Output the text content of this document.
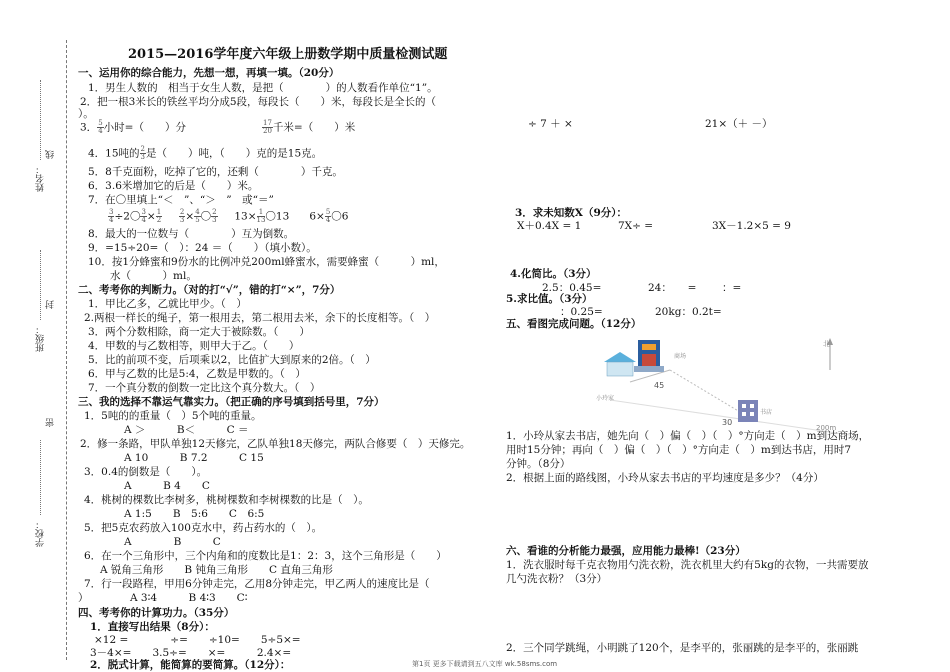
姓名：
线
班级：
封
密
学校：
2015—2016学年度六年级上册数学期中质量检测试题
一、运用你的综合能力，先想一想，再填一填。（20分）
1．男生人数的　相当于女生人数，是把（　　　　）的人数看作单位“1”。
2．把一根3米长的铁丝平均分成5段，每段长（　　）米，每段长是全长的（　　
）。
3． $\frac{5}{4}$ 小时=（　　）分	$\frac{17}{20}$ 千米=（　　）米
4．15吨的 $\frac{2}{3}$ 是（　　）吨，（　　）克的是15克。
5．8千克面粉，吃掉了它的，还剩（　　　　）千克。
6．3.6米增加它的后是（　　）米。
7．在〇里填上“＜　”、“＞　”　或“＝”
$\frac{3}{4} \div 2$〇 $\frac{3}{4} \times \frac{1}{2}$
$\frac{2}{3} \times \frac{4}{5}$ 〇 $\frac{2}{3} 13\times \frac{1}{13}$ 〇13 $6\times \frac{5}{4}$ 〇6
8．最大的一位数与（　　　　）互为倒数。
9．=15÷20=（　）：24 ＝（　　）（填小数）。
10．按1分蜂蜜和9份水的比例冲兑200ml蜂蜜水，需要蜂蜜（　　　）ml，
水（　　　）ml。
二、考考你的判断力。（对的打“√”，错的打“×”，7分）
1．甲比乙多，乙就比甲少。（　）
2.两根一样长的绳子，第一根用去，第二根用去米，余下的长度相等。（　）
3．两个分数相除，商一定大于被除数。（　　）
4．甲数的与乙数相等，则甲大于乙。（　　）
5．比的前项不变，后项乘以2，比值扩大到原来的2倍。（　）
6．甲与乙数的比是5:4，乙数是甲数的。（　）
7．一个真分数的倒数一定比这个真分数大。（　）
三、我的选择不靠运气靠实力。（把正确的序号填到括号里，7分）
1．5吨的的重量（　）5个吨的重量。
A ＞　　　B＜　　　C ＝
2．修一条路，甲队单独12天修完，乙队单独18天修完，两队合修要（　）天修完。
A 10　　　B 7.2　　　C 15
3．0.4的倒数是（　　）。
A　　　B 4　　C
4．桃树的棵数比李树多，桃树棵数和李树棵数的比是（　）。
A 1:5　　B　5:6　　C　6:5
5．把5克农药放入100克水中，药占药水的（　）。
A　　　　B　　　C
6．在一个三角形中，三个内角和的度数比是1：2：3，这个三角形是（　　）
A 锐角三角形　　B 钝角三角形　　C 直角三角形
7．行一段路程，甲用6分钟走完，乙用8分钟走完，甲乙两人的速度比是（　　
）	A 3∶4　　　B 4∶3　　C∶
四、考考你的计算功力。（35分）
1．直接写出结果（8分）：
×12 =　　　　÷=　　÷10=　　5÷5×=
3－4×=　　3.5÷=　　×=　　　2.4×=
2．脱式计算，能简算的要简算。（12分）：
÷ 7 ＋ ×	21×（＋ －）
3．求未知数X（9分）：
X＋0.4X = 1	7X÷ =	3X－1.2×5 = 9
4.化简比。（3分）
2.5：0.45=	24：　　= ：=
5.求比值。（3分）
：0.25=	20kg：0.2t=
五、看图完成问题。（12分）
商场
小玲家
书店
北
45
30
200m
1．小玲从家去书店，她先向（　）偏（　）（　）°方向走（　）m到达商场，
用时15分钟；再向（　）偏（　）（　）°方向走（　）m到达书店，用时7
分钟。（8分）
2．根据上面的路线图，小玲从家去书店的平均速度是多少？（4分）
六、看谁的分析能力最强，应用能力最棒!（23分）
1．洗衣服时每千克衣物用勺洗衣粉，洗衣机里大约有5kg的衣物，一共需要放
几勺洗衣粉？（3分）
2．三个同学跳绳，小明跳了120个，是李平的，张丽跳的是李平的，张丽跳
第1页 更多下载请到五八文库 wk.58sms.com
